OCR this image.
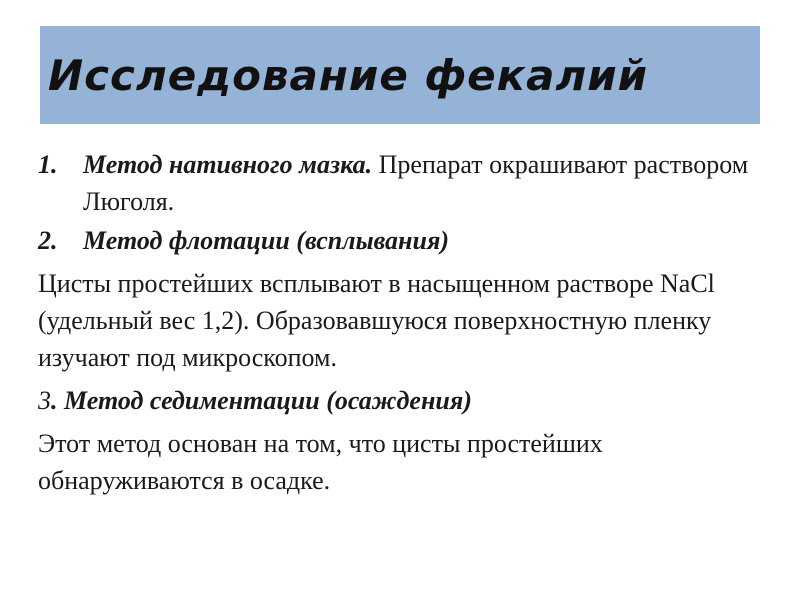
Исследование фекалий
1. Метод нативного мазка. Препарат окрашивают раствором Люголя.
2. Метод флотации (всплывания)
Цисты простейших всплывают в насыщенном растворе NaCl (удельный вес 1,2). Образовавшуюся поверхностную пленку изучают под микроскопом.
3. Метод седиментации (осаждения)
Этот метод основан на том, что цисты простейших обнаруживаются в осадке.
